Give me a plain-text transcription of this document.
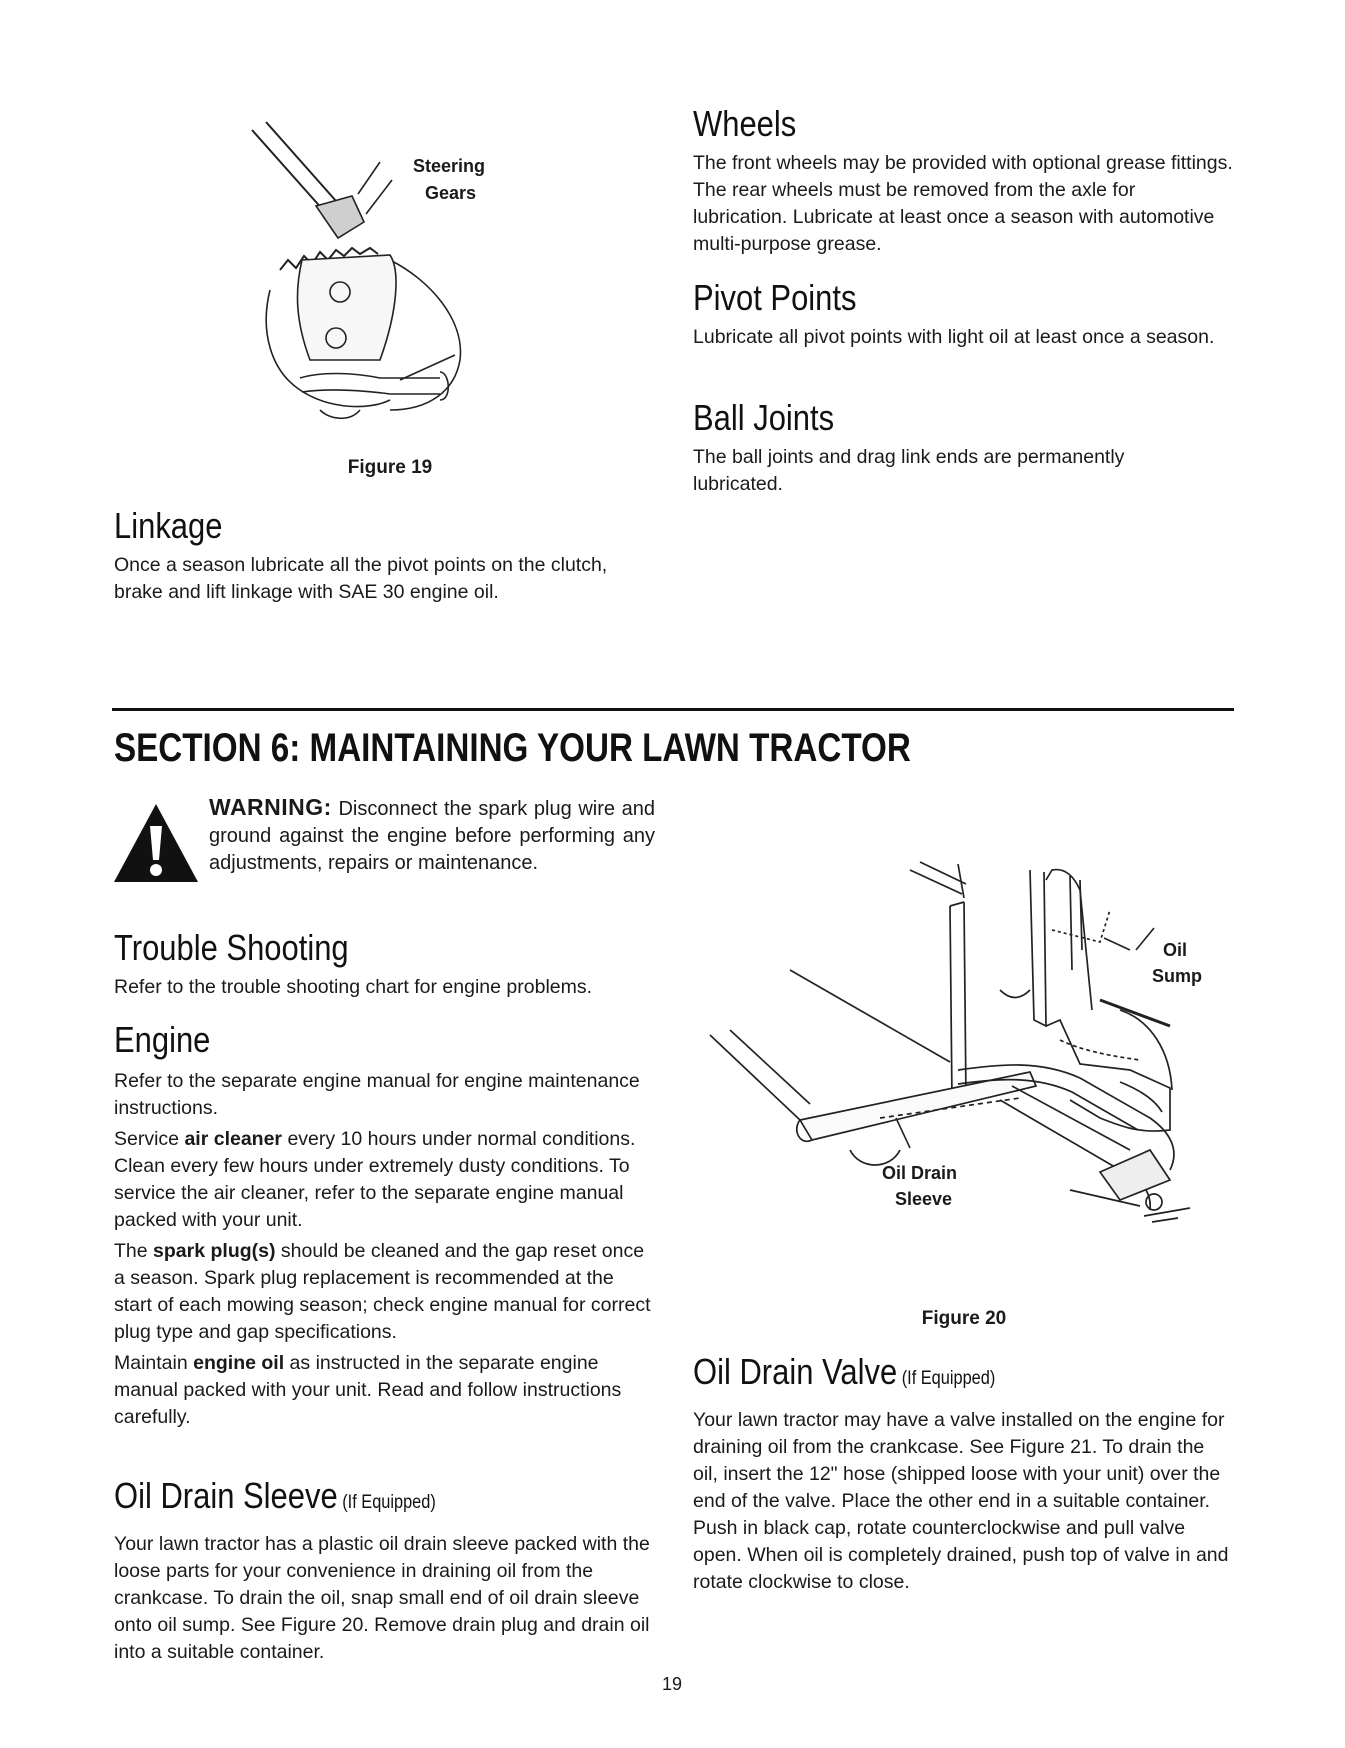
Steering

Gears

Figure 19

Wheels

The front wheels may be provided with optional grease fittings. The rear wheels must be removed from the axle for lubrication. Lubricate at least once a season with automotive multi-purpose grease.

Pivot Points

Lubricate all pivot points with light oil at least once a season.

Ball Joints

The ball joints and drag link ends are permanently lubricated.

Linkage

Once a season lubricate all the pivot points on the clutch, brake and lift linkage with SAE 30 engine oil.

SECTION 6: MAINTAINING YOUR LAWN TRACTOR

WARNING: Disconnect the spark plug wire and ground against the engine before performing any adjustments, repairs or maintenance.

Trouble Shooting

Refer to the trouble shooting chart for engine problems.

Engine

Refer to the separate engine manual for engine maintenance instructions.

Service air cleaner every 10 hours under normal conditions. Clean every few hours under extremely dusty conditions. To service the air cleaner, refer to the separate engine manual packed with your unit.

The spark plug(s) should be cleaned and the gap reset once a season. Spark plug replacement is recommended at the start of each mowing season; check engine manual for correct plug type and gap specifications.

Maintain engine oil as instructed in the separate engine manual packed with your unit. Read and follow instructions carefully.

Oil Drain Sleeve (If Equipped)

Your lawn tractor has a plastic oil drain sleeve packed with the loose parts for your convenience in draining oil from the crankcase. To drain the oil, snap small end of oil drain sleeve onto oil sump. See Figure 20. Remove drain plug and drain oil into a suitable container.

Oil

Sump

Oil Drain

Sleeve

Figure 20

Oil Drain Valve (If Equipped)

Your lawn tractor may have a valve installed on the engine for draining oil from the crankcase. See Figure 21. To drain the oil, insert the 12" hose (shipped loose with your unit) over the end of the valve. Place the other end in a suitable container. Push in black cap, rotate counterclockwise and pull valve open. When oil is completely drained, push top of valve in and rotate clockwise to close.

19
